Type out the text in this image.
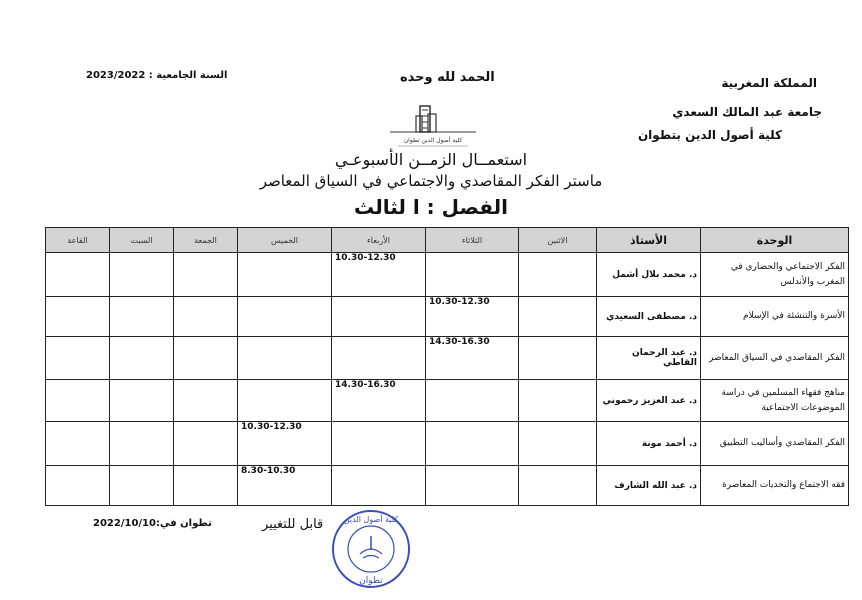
المملكة المغربية
جامعة عبد المالك السعدي
كلية أصول الدين بتطوان
الحمد لله وحده
السنة الجامعية : 2023/2022
كلية أصول الدين تطوان
استعمــال الزمــن الأسبوعـي
ماستر الفكر المقاصدي والاجتماعي في السياق المعاصر
الفصل : ا لثالث
الوحدة	الأستاذ	الاثنين	الثلاثاء	الأربعاء	الخميس	الجمعة	السبت	القاعة
الفكر الاجتماعي والحضاري في المغرب والأندلس	د. محمد بلال أشمل			10.30-12.30				
الأسرة والتنشئة في الإسلام	د. مصطفى السعيدي		10.30-12.30					
الفكر المقاصدي في السياق المعاصر	د. عبد الرحمان القاطي		14.30-16.30					
مناهج فقهاء المسلمين في دراسة الموضوعات الاجتماعية	د. عبد العزيز رحموني			14.30-16.30				
الفكر المقاصدي وأساليب التطبيق	د. أحمد مونة				10.30-12.30			
فقه الاجتماع والتحديات المعاصرة	د. عبد الله الشارف				8.30-10.30			
تطوان في:2022/10/10	قابل للتغيير	كلية أصول الدين
تطوان
